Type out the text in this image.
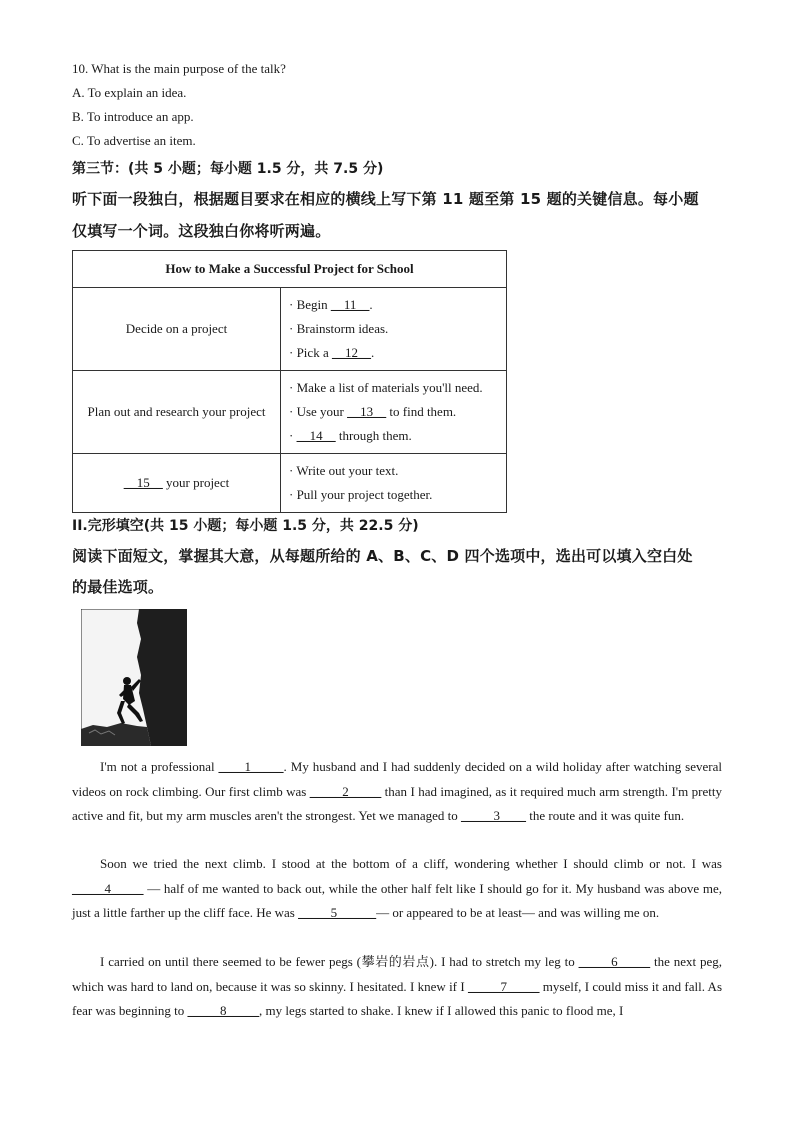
10. What is the main purpose of the talk?
A. To explain an idea.
B. To introduce an app.
C. To advertise an item.
第三节：(共 5 小题；每小题 1.5 分，共 7.5 分)
听下面一段独白，根据题目要求在相应的横线上写下第 11 题至第 15 题的关键信息。每小题
仅填写一个词。这段独白你将听两遍。
How to Make a Successful Project for School	
Decide on a project	· Begin __11__.
· Brainstorm ideas.
· Pick a __12__.

Plan out and research your project	· Make a list of materials you'll need.
· Use your __13__ to find them.
· __14__ through them.

__15__ your project	· Write out your text.
· Pull your project together.
II.完形填空(共 15 小题；每小题 1.5 分，共 22.5 分)
阅读下面短文，掌握其大意，从每题所给的 A、B、C、D 四个选项中，选出可以填入空白处
的最佳选项。
I'm not a professional ____1_____. My husband and I had suddenly decided on a wild holiday after watching several videos on rock climbing. Our first climb was _____2_____ than I had imagined, as it required much arm strength. I'm pretty active and fit, but my arm muscles aren't the strongest. Yet we managed to _____3____ the route and it was quite fun.
Soon we tried the next climb. I stood at the bottom of a cliff, wondering whether I should climb or not. I was _____4_____ — half of me wanted to back out, while the other half felt like I should go for it. My husband was above me, just a little farther up the cliff face. He was _____5______— or appeared to be at least— and was willing me on.
I carried on until there seemed to be fewer pegs (攀岩的岩点). I had to stretch my leg to _____6_____ the next peg, which was hard to land on, because it was so skinny. I hesitated. I knew if I _____7_____ myself, I could miss it and fall. As fear was beginning to _____8_____, my legs started to shake. I knew if I allowed this panic to flood me, I
